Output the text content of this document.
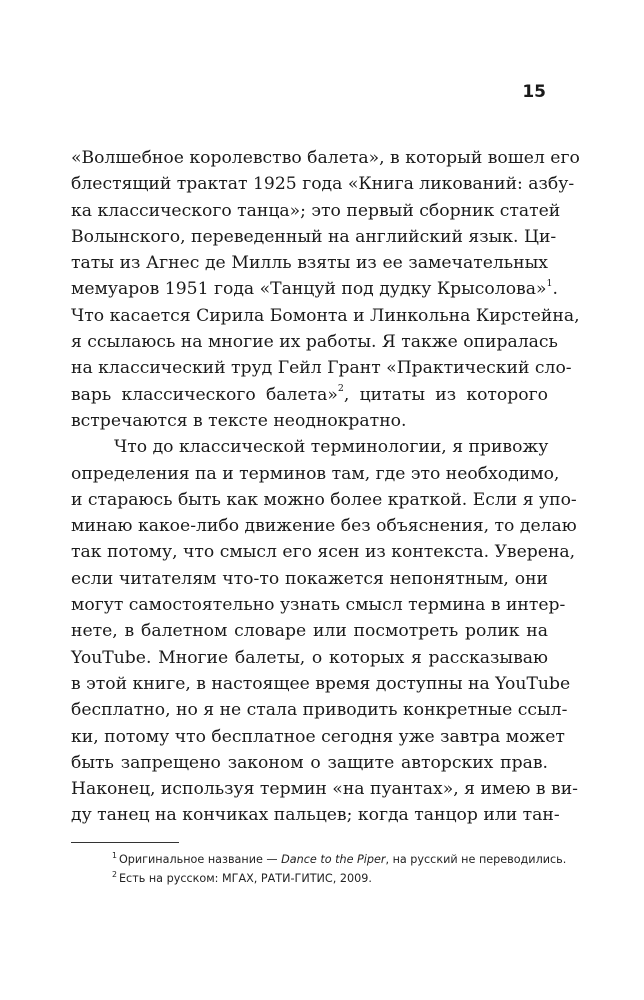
15
«Волшебное королевство балета», в который вошел его
блестящий трактат 1925 года «Книга ликований: азбу-
ка классического танца»; это первый сборник статей
Волынского, переведенный на английский язык. Ци-
таты из Агнес де Милль взяты из ее замечательных
мемуаров 1951 года «Танцуй под дудку Крысолова»$^1$.
Что касается Сирила Бомонта и Линкольна Кирстейна,
я ссылаюсь на многие их работы. Я также опиралась
на классический труд Гейл Грант «Практический сло-
варь классического балета»$^2$, цитаты из которого
встречаются в тексте неоднократно.
Что до классической терминологии, я привожу
определения па и терминов там, где это необходимо,
и стараюсь быть как можно более краткой. Если я упо-
минаю какое-либо движение без объяснения, то делаю
так потому, что смысл его ясен из контекста. Уверена,
если читателям что-то покажется непонятным, они
могут самостоятельно узнать смысл термина в интер-
нете, в балетном словаре или посмотреть ролик на
YouTube. Многие балеты, о которых я рассказываю
в этой книге, в настоящее время доступны на YouTube
бесплатно, но я не стала приводить конкретные ссыл-
ки, потому что бесплатное сегодня уже завтра может
быть запрещено законом о защите авторских прав.
Наконец, используя термин «на пуантах», я имею в ви-
ду танец на кончиках пальцев; когда танцор или тан-
$^1$ Оригинальное название — Dance to the Piper, на русский не переводились.
$^2$ Есть на русском: МГАХ, РАТИ-ГИТИС, 2009.
